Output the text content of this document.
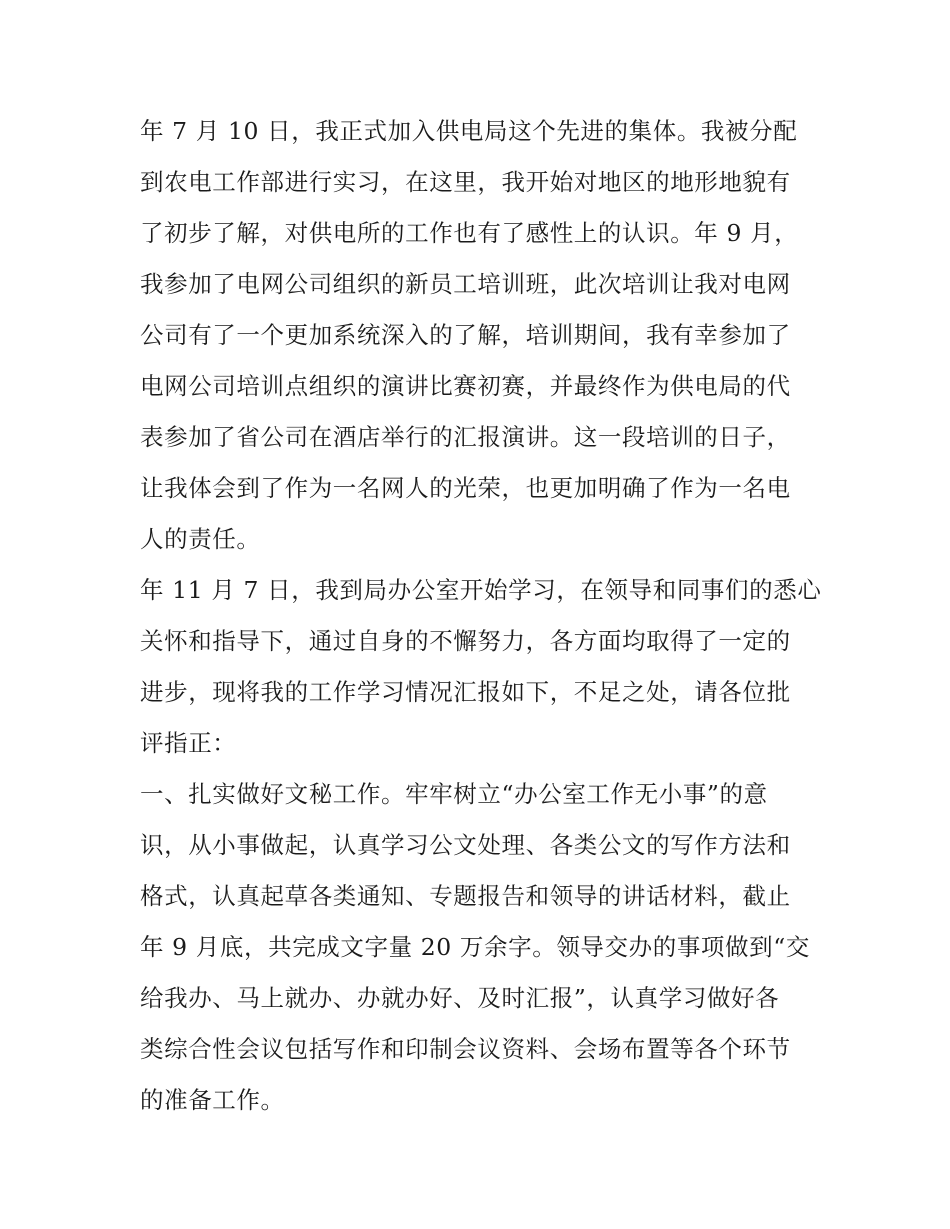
年 7 月 10 日，我正式加入供电局这个先进的集体。我被分配
到农电工作部进行实习，在这里，我开始对地区的地形地貌有
了初步了解，对供电所的工作也有了感性上的认识。年 9 月，
我参加了电网公司组织的新员工培训班，此次培训让我对电网
公司有了一个更加系统深入的了解，培训期间，我有幸参加了
电网公司培训点组织的演讲比赛初赛，并最终作为供电局的代
表参加了省公司在酒店举行的汇报演讲。这一段培训的日子，
让我体会到了作为一名网人的光荣，也更加明确了作为一名电
人的责任。
年 11 月 7 日，我到局办公室开始学习，在领导和同事们的悉心
关怀和指导下，通过自身的不懈努力，各方面均取得了一定的
进步，现将我的工作学习情况汇报如下，不足之处，请各位批
评指正：
一、扎实做好文秘工作。牢牢树立“办公室工作无小事”的意
识，从小事做起，认真学习公文处理、各类公文的写作方法和
格式，认真起草各类通知、专题报告和领导的讲话材料，截止
年 9 月底，共完成文字量 20 万余字。领导交办的事项做到“交
给我办、马上就办、办就办好、及时汇报”，认真学习做好各
类综合性会议包括写作和印制会议资料、会场布置等各个环节
的准备工作。
